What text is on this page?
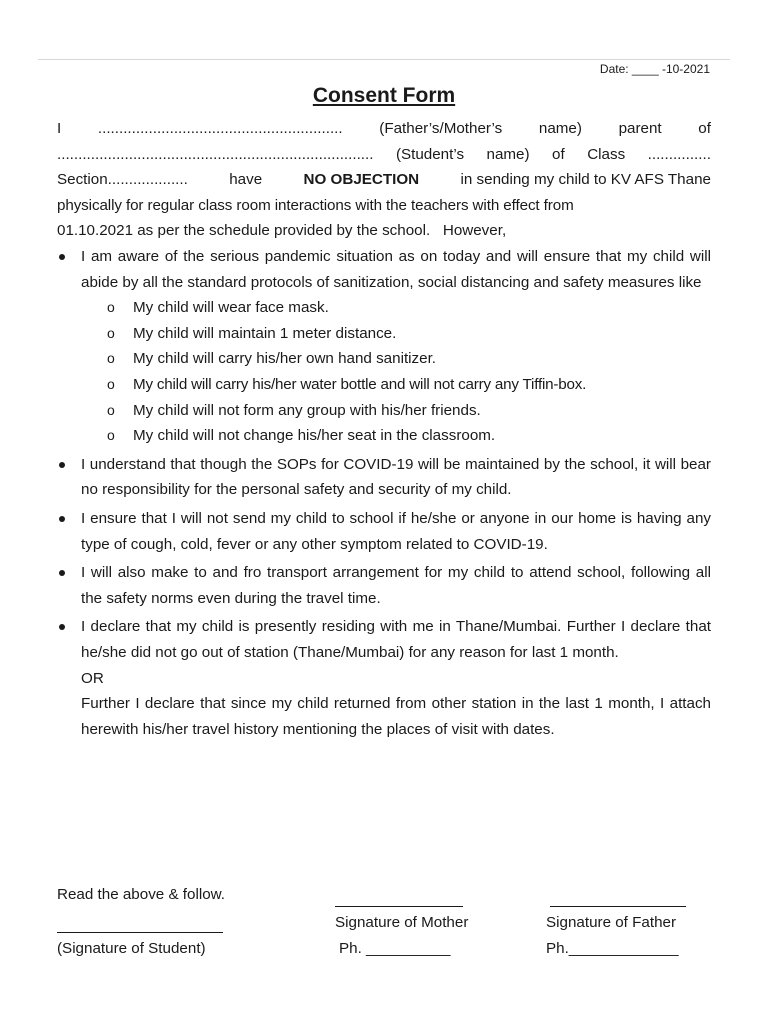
Date: ____ -10-2021
Consent Form
I .......................................................... (Father’s/Mother’s name) parent of
........................................................................... (Student’s name) of Class ...............
Section...................	have	NO OBJECTION	in sending my child to KV AFS Thane
physically for regular class room interactions with the teachers with effect from
01.10.2021 as per the schedule provided by the school.   However,
I am aware of the serious pandemic situation as on today and will ensure that my child will abide by all the standard protocols of sanitization, social distancing and safety measures like
o My child will wear face mask.
o My child will maintain 1 meter distance.
o My child will carry his/her own hand sanitizer.
o My child will carry his/her water bottle and will not carry any Tiffin-box.
o My child will not form any group with his/her friends.
o My child will not change his/her seat in the classroom.
I understand that though the SOPs for COVID-19 will be maintained by the school, it will bear no responsibility for the personal safety and security of my child.
I ensure that I will not send my child to school if he/she or anyone in our home is having any type of cough, cold, fever or any other symptom related to COVID-19.
I will also make to and fro transport arrangement for my child to attend school, following all the safety norms even during the travel time.
I declare that my child is presently residing with me in Thane/Mumbai. Further I declare that he/she did not go out of station (Thane/Mumbai) for any reason for last 1 month.
OR
Further I declare that since my child returned from other station in the last 1 month, I attach herewith his/her travel history mentioning the places of visit with dates.
Read the above & follow.
(Signature of Student)
Signature of Mother
Ph. __________
Signature of Father
Ph._____________
